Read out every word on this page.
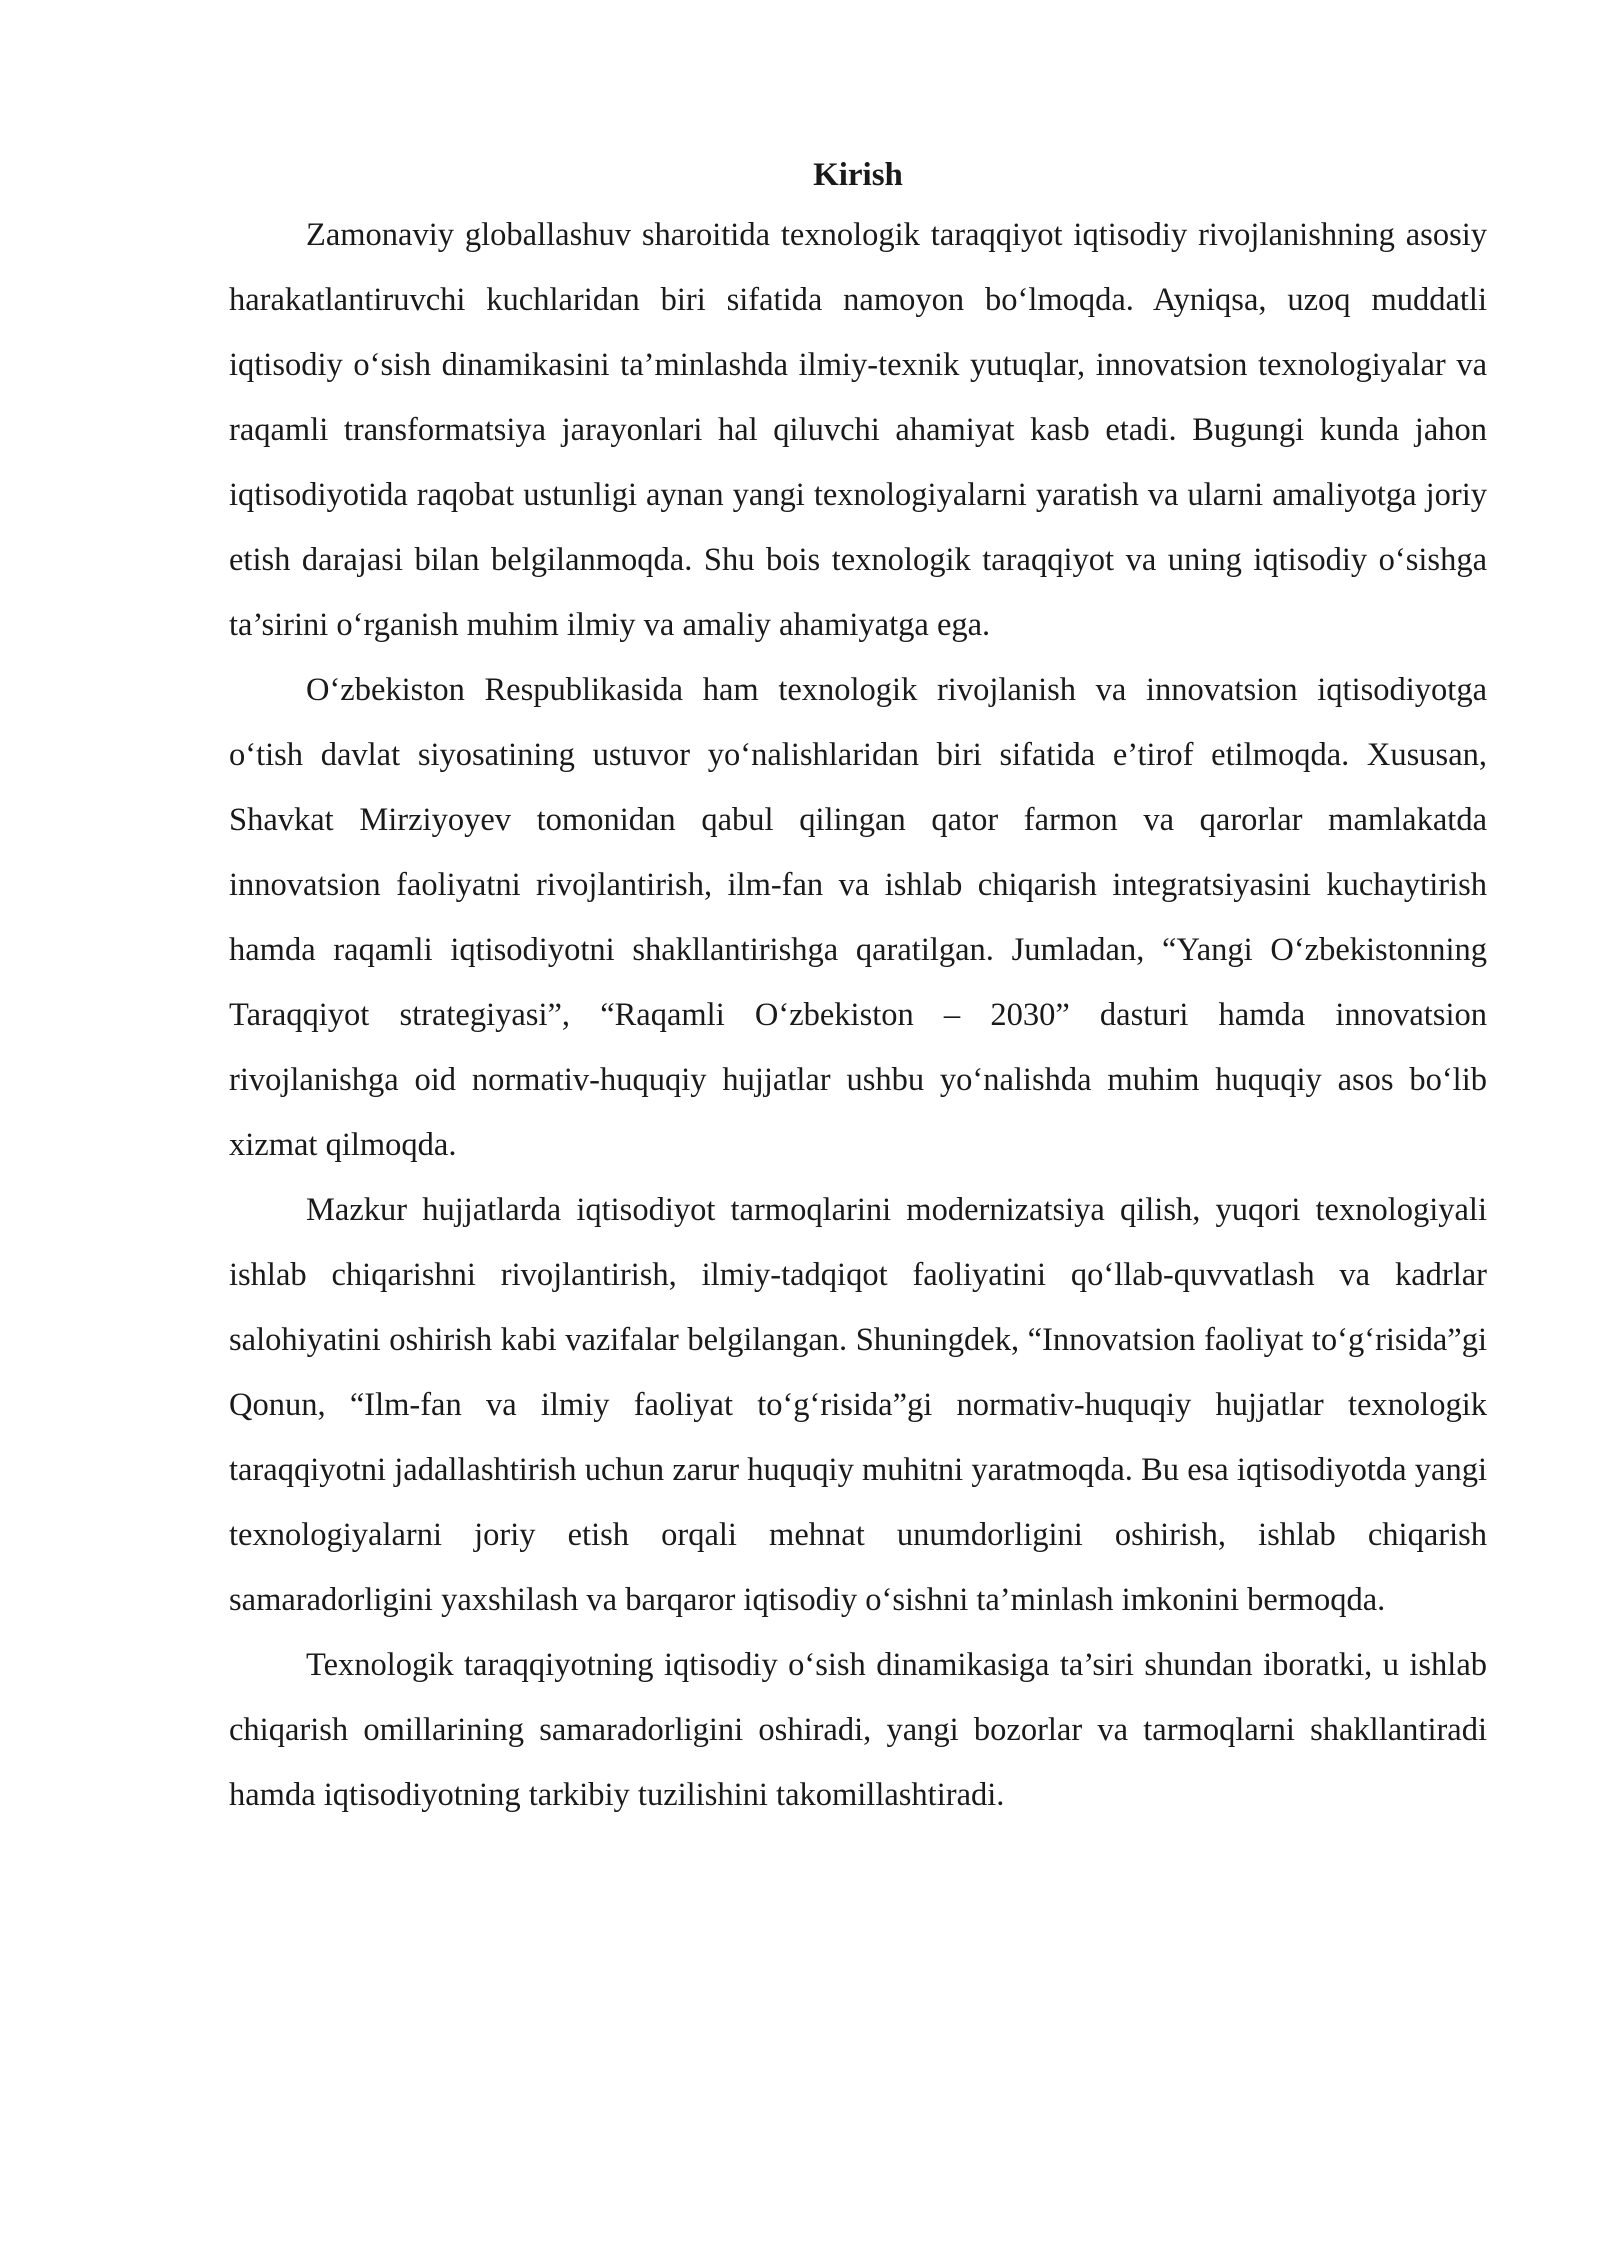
Kirish

Zamonaviy globallashuv sharoitida texnologik taraqqiyot iqtisodiy rivojlanishning asosiy harakatlantiruvchi kuchlaridan biri sifatida namoyon bo‘lmoqda. Ayniqsa, uzoq muddatli iqtisodiy o‘sish dinamikasini ta’minlashda ilmiy-texnik yutuqlar, innovatsion texnologiyalar va raqamli transformatsiya jarayonlari hal qiluvchi ahamiyat kasb etadi. Bugungi kunda jahon iqtisodiyotida raqobat ustunligi aynan yangi texnologiyalarni yaratish va ularni amaliyotga joriy etish darajasi bilan belgilanmoqda. Shu bois texnologik taraqqiyot va uning iqtisodiy o‘sishga ta’sirini o‘rganish muhim ilmiy va amaliy ahamiyatga ega.

O‘zbekiston Respublikasida ham texnologik rivojlanish va innovatsion iqtisodiyotga o‘tish davlat siyosatining ustuvor yo‘nalishlaridan biri sifatida e’tirof etilmoqda. Xususan, Shavkat Mirziyoyev tomonidan qabul qilingan qator farmon va qarorlar mamlakatda innovatsion faoliyatni rivojlantirish, ilm-fan va ishlab chiqarish integratsiyasini kuchaytirish hamda raqamli iqtisodiyotni shakllantirishga qaratilgan. Jumladan, “Yangi O‘zbekistonning Taraqqiyot strategiyasi”, “Raqamli O‘zbekiston – 2030” dasturi hamda innovatsion rivojlanishga oid normativ-huquqiy hujjatlar ushbu yo‘nalishda muhim huquqiy asos bo‘lib xizmat qilmoqda.

Mazkur hujjatlarda iqtisodiyot tarmoqlarini modernizatsiya qilish, yuqori texnologiyali ishlab chiqarishni rivojlantirish, ilmiy-tadqiqot faoliyatini qo‘llab-quvvatlash va kadrlar salohiyatini oshirish kabi vazifalar belgilangan. Shuningdek, “Innovatsion faoliyat to‘g‘risida”gi Qonun, “Ilm-fan va ilmiy faoliyat to‘g‘risida”gi normativ-huquqiy hujjatlar texnologik taraqqiyotni jadallashtirish uchun zarur huquqiy muhitni yaratmoqda. Bu esa iqtisodiyotda yangi texnologiyalarni joriy etish orqali mehnat unumdorligini oshirish, ishlab chiqarish samaradorligini yaxshilash va barqaror iqtisodiy o‘sishni ta’minlash imkonini bermoqda.

Texnologik taraqqiyotning iqtisodiy o‘sish dinamikasiga ta’siri shundan iboratki, u ishlab chiqarish omillarining samaradorligini oshiradi, yangi bozorlar va tarmoqlarni shakllantiradi hamda iqtisodiyotning tarkibiy tuzilishini takomillashtiradi.
